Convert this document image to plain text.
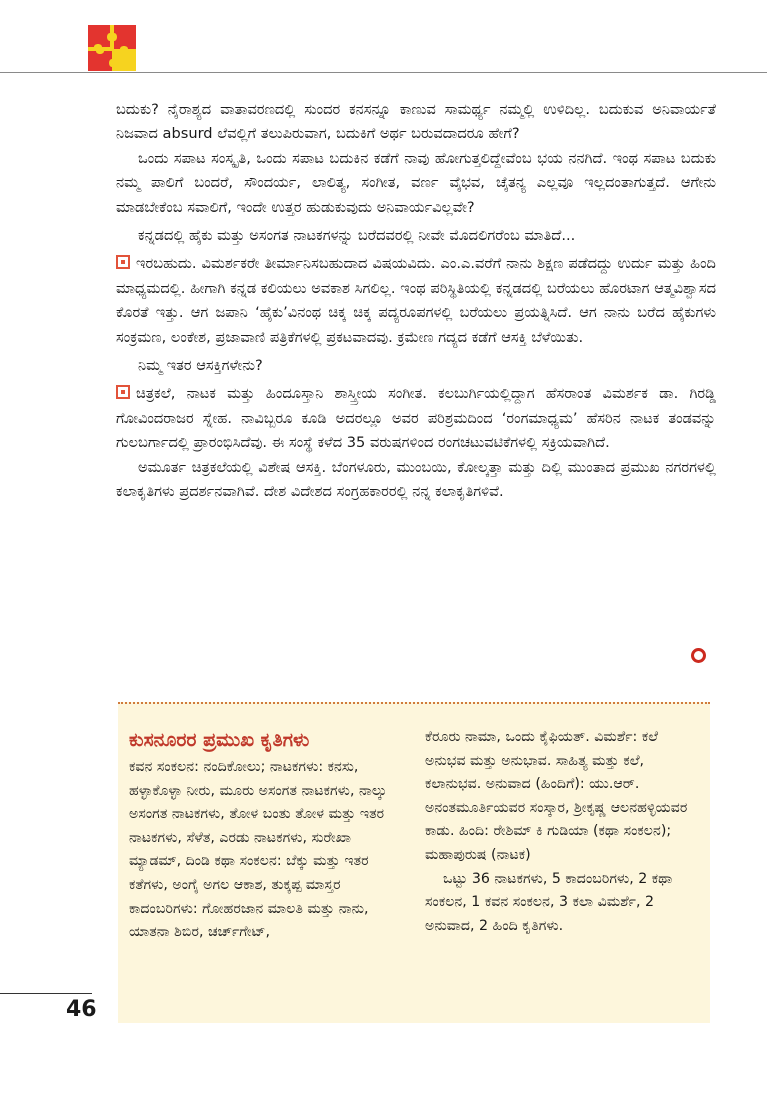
ಬದುಕು? ನೈರಾಶ್ಯದ ವಾತಾವರಣದಲ್ಲಿ ಸುಂದರ ಕನಸನ್ನೂ ಕಾಣುವ ಸಾಮರ್ಥ್ಯ ನಮ್ಮಲ್ಲಿ ಉಳಿದಿಲ್ಲ. ಬದುಕುವ ಅನಿವಾರ್ಯತೆ ನಿಜವಾದ absurd ಲೆವಲ್ಲಿಗೆ ತಲುಪಿರುವಾಗ, ಬದುಕಿಗೆ ಅರ್ಥ ಬರುವದಾದರೂ ಹೇಗೆ?

ಒಂದು ಸಪಾಟ ಸಂಸ್ಕೃತಿ, ಒಂದು ಸಪಾಟ ಬದುಕಿನ ಕಡೆಗೆ ನಾವು ಹೋಗುತ್ತಲಿದ್ದೇವೆಂಬ ಭಯ ನನಗಿದೆ. ಇಂಥ ಸಪಾಟ ಬದುಕು ನಮ್ಮ ಪಾಲಿಗೆ ಬಂದರೆ, ಸೌಂದರ್ಯ, ಲಾಲಿತ್ಯ, ಸಂಗೀತ, ವರ್ಣ ವೈಭವ, ಚೈತನ್ಯ ಎಲ್ಲವೂ ಇಲ್ಲದಂತಾಗುತ್ತದೆ. ಆಗೇನು ಮಾಡಬೇಕೆಂಬ ಸವಾಲಿಗೆ, ಇಂದೇ ಉತ್ತರ ಹುಡುಕುವುದು ಅನಿವಾರ್ಯವಿಲ್ಲವೇ?

ಕನ್ನಡದಲ್ಲಿ ಹೈಕು ಮತ್ತು ಅಸಂಗತ ನಾಟಕಗಳನ್ನು ಬರೆದವರಲ್ಲಿ ನೀವೇ ಮೊದಲಿಗರೆಂಬ ಮಾತಿದೆ...

ಇರಬಹುದು. ವಿಮರ್ಶಕರೇ ತೀರ್ಮಾನಿಸಬಹುದಾದ ವಿಷಯವಿದು. ಎಂ.ಎ.ವರೆಗೆ ನಾನು ಶಿಕ್ಷಣ ಪಡೆದದ್ದು ಉರ್ದು ಮತ್ತು ಹಿಂದಿ ಮಾಧ್ಯಮದಲ್ಲಿ. ಹೀಗಾಗಿ ಕನ್ನಡ ಕಲಿಯಲು ಅವಕಾಶ ಸಿಗಲಿಲ್ಲ. ಇಂಥ ಪರಿಸ್ಥಿತಿಯಲ್ಲಿ ಕನ್ನಡದಲ್ಲಿ ಬರೆಯಲು ಹೊರಟಾಗ ಆತ್ಮವಿಶ್ವಾಸದ ಕೊರತೆ ಇತ್ತು. ಆಗ ಜಪಾನಿ ‘ಹೈಕು’ವಿನಂಥ ಚಿಕ್ಕ ಚಿಕ್ಕ ಪದ್ಯರೂಪಗಳಲ್ಲಿ ಬರೆಯಲು ಪ್ರಯತ್ನಿಸಿದೆ. ಆಗ ನಾನು ಬರೆದ ಹೈಕುಗಳು ಸಂಕ್ರಮಣ, ಲಂಕೇಶ, ಪ್ರಜಾವಾಣಿ ಪತ್ರಿಕೆಗಳಲ್ಲಿ ಪ್ರಕಟವಾದವು. ಕ್ರಮೇಣ ಗದ್ಯದ ಕಡೆಗೆ ಆಸಕ್ತಿ ಬೆಳೆಯಿತು.

ನಿಮ್ಮ ಇತರ ಆಸಕ್ತಿಗಳೇನು?

ಚಿತ್ರಕಲೆ, ನಾಟಕ ಮತ್ತು ಹಿಂದೂಸ್ತಾನಿ ಶಾಸ್ತ್ರೀಯ ಸಂಗೀತ. ಕಲಬುರ್ಗಿಯಲ್ಲಿದ್ದಾಗ ಹೆಸರಾಂತ ವಿಮರ್ಶಕ ಡಾ. ಗಿರಡ್ಡಿ ಗೋವಿಂದರಾಜರ ಸ್ನೇಹ. ನಾವಿಬ್ಬರೂ ಕೂಡಿ ಅದರಲ್ಲೂ ಅವರ ಪರಿಶ್ರಮದಿಂದ ‘ರಂಗಮಾಧ್ಯಮ’ ಹೆಸರಿನ ನಾಟಕ ತಂಡವನ್ನು ಗುಲಬರ್ಗಾದಲ್ಲಿ ಪ್ರಾರಂಭಿಸಿದೆವು. ಈ ಸಂಸ್ಥೆ ಕಳೆದ 35 ವರುಷಗಳಿಂದ ರಂಗಚಟುವಟಿಕೆಗಳಲ್ಲಿ ಸಕ್ರಿಯವಾಗಿದೆ.

ಅಮೂರ್ತ ಚಿತ್ರಕಲೆಯಲ್ಲಿ ವಿಶೇಷ ಆಸಕ್ತಿ. ಬೆಂಗಳೂರು, ಮುಂಬಯಿ, ಕೋಲ್ಕತ್ತಾ ಮತ್ತು ದಿಲ್ಲಿ ಮುಂತಾದ ಪ್ರಮುಖ ನಗರಗಳಲ್ಲಿ ಕಲಾಕೃತಿಗಳು ಪ್ರದರ್ಶನವಾಗಿವೆ. ದೇಶ ವಿದೇಶದ ಸಂಗ್ರಹಕಾರರಲ್ಲಿ ನನ್ನ ಕಲಾಕೃತಿಗಳಿವೆ.

ಕುಸನೂರರ ಪ್ರಮುಖ ಕೃತಿಗಳು

ಕವನ ಸಂಕಲನ: ನಂದಿಕೋಲು; ನಾಟಕಗಳು: ಕನಸು, ಹಳ್ಳಾಕೊಳ್ಳಾ ನೀರು, ಮೂರು ಅಸಂಗತ ನಾಟಕಗಳು, ನಾಲ್ಕು ಅಸಂಗತ ನಾಟಕಗಳು, ತೋಳ ಬಂತು ತೋಳ ಮತ್ತು ಇತರ ನಾಟಕಗಳು, ಸೆಳೆತ, ಎರಡು ನಾಟಕಗಳು, ಸುರೇಖಾ ಮ್ಯಾಡಮ್, ದಿಂಡಿ ಕಥಾ ಸಂಕಲನ: ಬೆಕ್ಕು ಮತ್ತು ಇತರ ಕತೆಗಳು, ಅಂಗೈ ಅಗಲ ಆಕಾಶ, ತುಕ್ಕಪ್ಪ ಮಾಸ್ತರ ಕಾದಂಬರಿಗಳು: ಗೋಹರಜಾನ ಮಾಲತಿ ಮತ್ತು ನಾನು, ಯಾತನಾ ಶಿಬಿರ, ಚರ್ಚ್‌ಗೇಟ್,

ಕೆರೂರು ನಾಮಾ, ಒಂದು ಕೈಫಿಯತ್. ವಿಮರ್ಶೆ: ಕಲೆ ಅನುಭವ ಮತ್ತು ಅನುಭಾವ. ಸಾಹಿತ್ಯ ಮತ್ತು ಕಲೆ, ಕಲಾನುಭವ. ಅನುವಾದ (ಹಿಂದಿಗೆ): ಯು.ಆರ್. ಅನಂತಮೂರ್ತಿಯವರ ಸಂಸ್ಕಾರ, ಶ್ರೀಕೃಷ್ಣ ಆಲನಹಳ್ಳಿಯವರ ಕಾಡು. ಹಿಂದಿ: ರೇಶಿಮ್ ಕಿ ಗುಡಿಯಾ (ಕಥಾ ಸಂಕಲನ); ಮಹಾಪುರುಷ (ನಾಟಕ)

ಒಟ್ಟು 36 ನಾಟಕಗಳು, 5 ಕಾದಂಬರಿಗಳು, 2 ಕಥಾ ಸಂಕಲನ, 1 ಕವನ ಸಂಕಲನ, 3 ಕಲಾ ವಿಮರ್ಶೆ, 2 ಅನುವಾದ, 2 ಹಿಂದಿ ಕೃತಿಗಳು.

46
